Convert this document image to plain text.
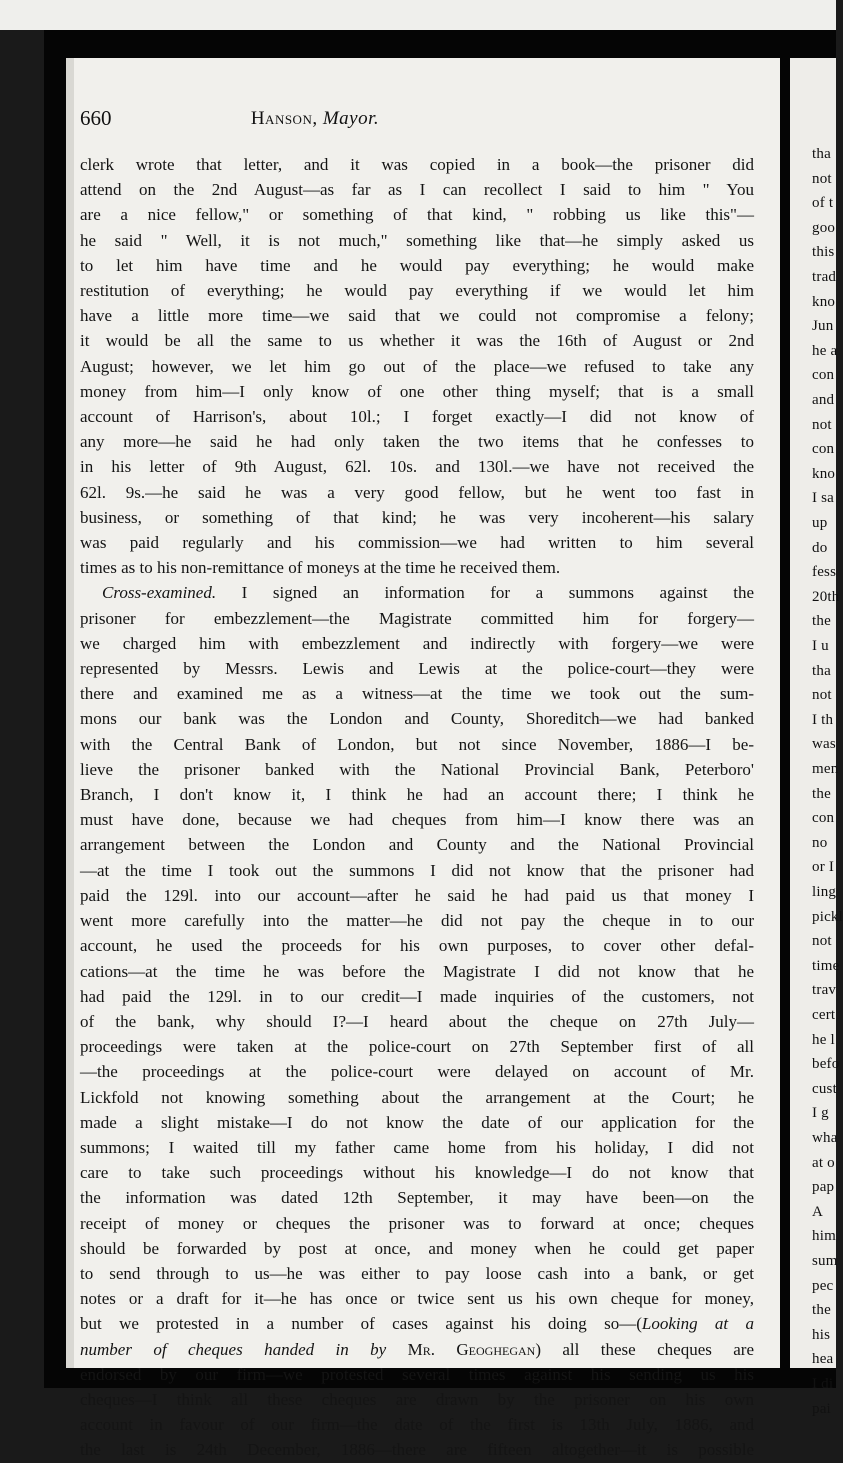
tha
not
of t
goo
this
trad
kno
Jun
he a
con
and
not
con
kno
I sa
up
do
fess
20th
the
I u
tha
not
I th
was
men
the
con
no
or I
ling
pickl
not
time
trav
cert
he l
befo
cust
I g
wha
at o
pap
A
him
sum
pec
the
his
hea
I di
pai
660	Hanson, Mayor.
clerk wrote that letter, and it was copied in a book—the prisoner did
attend on the 2nd August—as far as I can recollect I said to him " You
are a nice fellow," or something of that kind, " robbing us like this"—
he said " Well, it is not much," something like that—he simply asked us
to let him have time and he would pay everything; he would make
restitution of everything; he would pay everything if we would let him
have a little more time—we said that we could not compromise a felony;
it would be all the same to us whether it was the 16th of August or 2nd
August; however, we let him go out of the place—we refused to take any
money from him—I only know of one other thing myself; that is a small
account of Harrison's, about 10l.; I forget exactly—I did not know of
any more—he said he had only taken the two items that he confesses to
in his letter of 9th August, 62l. 10s. and 130l.—we have not received the
62l. 9s.—he said he was a very good fellow, but he went too fast in
business, or something of that kind; he was very incoherent—his salary
was paid regularly and his commission—we had written to him several
times as to his non-remittance of moneys at the time he received them.
Cross-examined. I signed an information for a summons against the
prisoner for embezzlement—the Magistrate committed him for forgery—
we charged him with embezzlement and indirectly with forgery—we were
represented by Messrs. Lewis and Lewis at the police-court—they were
there and examined me as a witness—at the time we took out the sum-
mons our bank was the London and County, Shoreditch—we had banked
with the Central Bank of London, but not since November, 1886—I be-
lieve the prisoner banked with the National Provincial Bank, Peterboro'
Branch, I don't know it, I think he had an account there; I think he
must have done, because we had cheques from him—I know there was an
arrangement between the London and County and the National Provincial
—at the time I took out the summons I did not know that the prisoner had
paid the 129l. into our account—after he said he had paid us that money I
went more carefully into the matter—he did not pay the cheque in to our
account, he used the proceeds for his own purposes, to cover other defal-
cations—at the time he was before the Magistrate I did not know that he
had paid the 129l. in to our credit—I made inquiries of the customers, not
of the bank, why should I?—I heard about the cheque on 27th July—
proceedings were taken at the police-court on 27th September first of all
—the proceedings at the police-court were delayed on account of Mr.
Lickfold not knowing something about the arrangement at the Court; he
made a slight mistake—I do not know the date of our application for the
summons; I waited till my father came home from his holiday, I did not
care to take such proceedings without his knowledge—I do not know that
the information was dated 12th September, it may have been—on the
receipt of money or cheques the prisoner was to forward at once; cheques
should be forwarded by post at once, and money when he could get paper
to send through to us—he was either to pay loose cash into a bank, or get
notes or a draft for it—he has once or twice sent us his own cheque for money,
but we protested in a number of cases against his doing so—(Looking at a
number of cheques handed in by Mr. Geoghegan) all these cheques are
endorsed by our firm—we protested several times against his sending us his
cheques—I think all these cheques are drawn by the prisoner on his own
account in favour of our firm—the date of the first is 13th July, 1886, and
the last is 24th December, 1886—there are fifteen altogether—it is possible
